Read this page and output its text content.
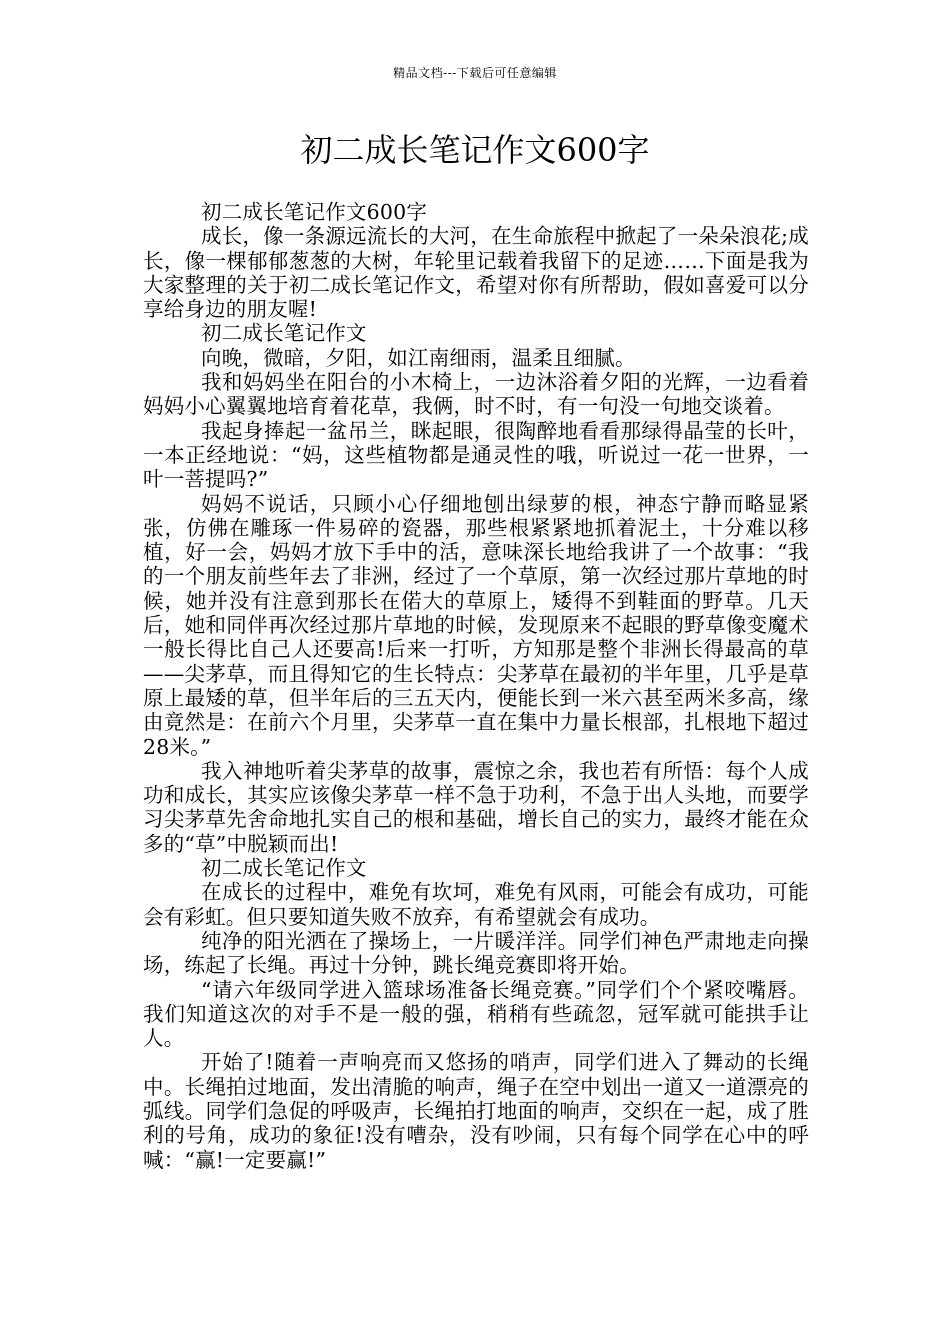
精品文档---下载后可任意编辑
初二成长笔记作文600字

初二成长笔记作文600字

成长，像一条源远流长的大河，在生命旅程中掀起了一朵朵浪花;成长，像一棵郁郁葱葱的大树，年轮里记载着我留下的足迹……下面是我为大家整理的关于初二成长笔记作文，希望对你有所帮助，假如喜爱可以分享给身边的朋友喔!

初二成长笔记作文

向晚，微暗，夕阳，如江南细雨，温柔且细腻。

我和妈妈坐在阳台的小木椅上，一边沐浴着夕阳的光辉，一边看着妈妈小心翼翼地培育着花草，我俩，时不时，有一句没一句地交谈着。

我起身捧起一盆吊兰，眯起眼，很陶醉地看看那绿得晶莹的长叶，一本正经地说：“妈，这些植物都是通灵性的哦，听说过一花一世界，一叶一菩提吗?”

妈妈不说话，只顾小心仔细地刨出绿萝的根，神态宁静而略显紧张，仿佛在雕琢一件易碎的瓷器，那些根紧紧地抓着泥土，十分难以移植，好一会，妈妈才放下手中的活，意味深长地给我讲了一个故事：“我的一个朋友前些年去了非洲，经过了一个草原，第一次经过那片草地的时候，她并没有注意到那长在偌大的草原上，矮得不到鞋面的野草。几天后，她和同伴再次经过那片草地的时候，发现原来不起眼的野草像变魔术一般长得比自己人还要高!后来一打听，方知那是整个非洲长得最高的草——尖茅草，而且得知它的生长特点：尖茅草在最初的半年里，几乎是草原上最矮的草，但半年后的三五天内，便能长到一米六甚至两米多高，缘由竟然是：在前六个月里，尖茅草一直在集中力量长根部，扎根地下超过28米。”

我入神地听着尖茅草的故事，震惊之余，我也若有所悟：每个人成功和成长，其实应该像尖茅草一样不急于功利，不急于出人头地，而要学习尖茅草先舍命地扎实自己的根和基础，增长自己的实力，最终才能在众多的“草”中脱颖而出!

初二成长笔记作文

在成长的过程中，难免有坎坷，难免有风雨，可能会有成功，可能会有彩虹。但只要知道失败不放弃，有希望就会有成功。

纯净的阳光洒在了操场上，一片暖洋洋。同学们神色严肃地走向操场，练起了长绳。再过十分钟，跳长绳竞赛即将开始。

“请六年级同学进入篮球场准备长绳竞赛。”同学们个个紧咬嘴唇。我们知道这次的对手不是一般的强，稍稍有些疏忽，冠军就可能拱手让人。

开始了!随着一声响亮而又悠扬的哨声，同学们进入了舞动的长绳中。长绳拍过地面，发出清脆的响声，绳子在空中划出一道又一道漂亮的弧线。同学们急促的呼吸声，长绳拍打地面的响声，交织在一起，成了胜利的号角，成功的象征!没有嘈杂，没有吵闹，只有每个同学在心中的呼喊：“赢!一定要赢!”
